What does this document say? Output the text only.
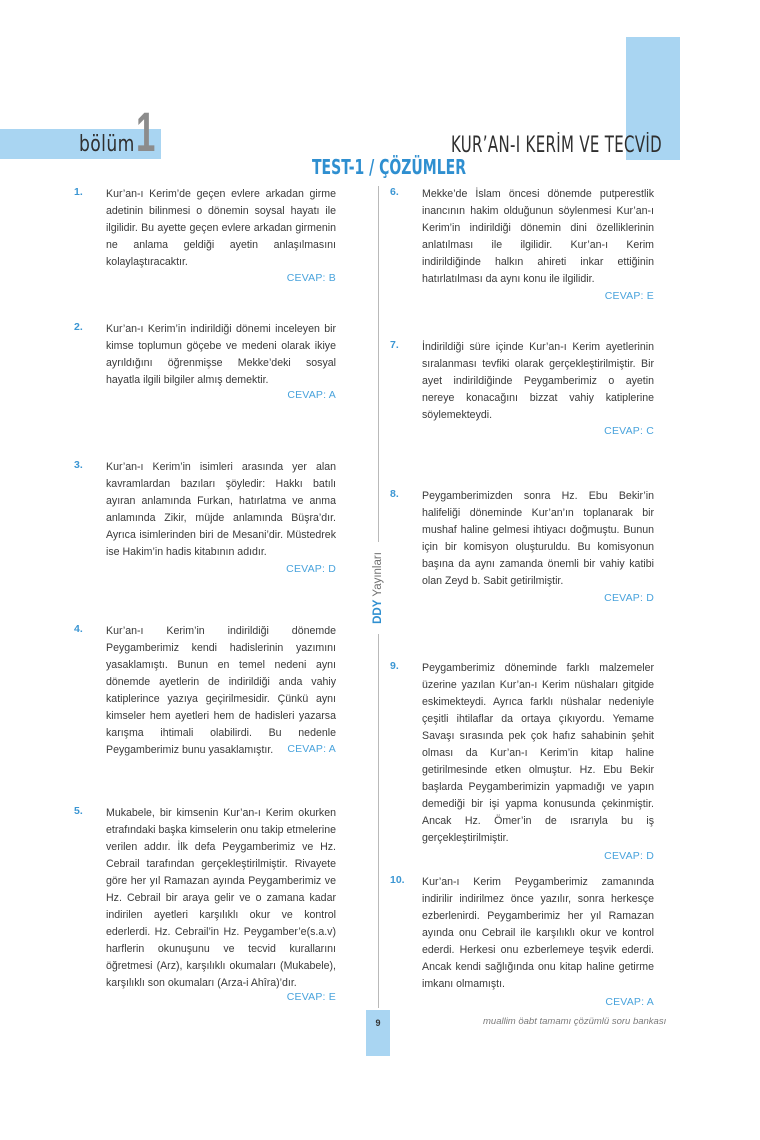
bölüm 1	KUR’AN-I KERİM VE TECVİD
TEST-1 / ÇÖZÜMLER
1. Kur’an-ı Kerim’de geçen evlere arkadan girme adetinin bilinmesi o dönemin soysal hayatı ile ilgilidir. Bu ayette geçen evlere arkadan girmenin ne anlama geldiği ayetin anlaşılmasını kolaylaştıracaktır.
CEVAP: B
2. Kur’an-ı Kerim’in indirildiği dönemi inceleyen bir kimse toplumun göçebe ve medeni olarak ikiye ayrıldığını öğrenmişse Mekke’deki sosyal hayatla ilgili bilgiler almış demektir.
CEVAP: A
3. Kur’an-ı Kerim’in isimleri arasında yer alan kavramlardan bazıları şöyledir: Hakkı batılı ayıran anlamında Furkan, hatırlatma ve anma anlamında Zikir, müjde anlamında Büşra’dır. Ayrıca isimlerinden biri de Mesani’dir. Müstedrek ise Hakim’in hadis kitabının adıdır.
CEVAP: D
4. Kur’an-ı Kerim’in indirildiği dönemde Peygamberimiz kendi hadislerinin yazımını yasaklamıştı. Bunun en temel nedeni aynı dönemde ayetlerin de indirildiği anda vahiy katiplerince yazıya geçirilmesidir. Çünkü aynı kimseler hem ayetleri hem de hadisleri yazarsa karışma ihtimali olabilirdi. Bu nedenle Peygamberimiz bunu yasaklamıştır.	CEVAP: A
5. Mukabele, bir kimsenin Kur’an-ı Kerim okurken etrafındaki başka kimselerin onu takip etmelerine verilen addır. İlk defa Peygamberimiz ve Hz. Cebrail tarafından gerçekleştirilmiştir. Rivayete göre her yıl Ramazan ayında Peygamberimiz ve Hz. Cebrail bir araya gelir ve o zamana kadar indirilen ayetleri karşılıklı okur ve kontrol ederlerdi. Hz. Cebrail’in Hz. Peygamber’e(s.a.v) harflerin okunuşunu ve tecvid kurallarını öğretmesi (Arz), karşılıklı okumaları (Mukabele), karşılıklı son okumaları (Arza-i Ahîra)’dır.
CEVAP: E
DDY Yayınları
6. Mekke’de İslam öncesi dönemde putperestlik inancının hakim olduğunun söylenmesi Kur’an-ı Kerim’in indirildiği dönemin dini özelliklerinin anlatılması ile ilgilidir. Kur’an-ı Kerim indirildiğinde halkın ahireti inkar ettiğinin hatırlatılması da aynı konu ile ilgilidir.
CEVAP: E
7. İndirildiği süre içinde Kur’an-ı Kerim ayetlerinin sıralanması tevfiki olarak gerçekleştirilmiştir. Bir ayet indirildiğinde Peygamberimiz o ayetin nereye konacağını bizzat vahiy katiplerine söylemekteydi.
CEVAP: C
8. Peygamberimizden sonra Hz. Ebu Bekir’in halifeliği döneminde Kur’an’ın toplanarak bir mushaf haline gelmesi ihtiyacı doğmuştu. Bunun için bir komisyon oluşturuldu. Bu komisyonun başına da aynı zamanda önemli bir vahiy katibi olan Zeyd b. Sabit getirilmiştir.
CEVAP: D
9. Peygamberimiz döneminde farklı malzemeler üzerine yazılan Kur’an-ı Kerim nüshaları gitgide eskimekteydi. Ayrıca farklı nüshalar nedeniyle çeşitli ihtilaflar da ortaya çıkıyordu. Yemame Savaşı sırasında pek çok hafız sahabinin şehit olması da Kur’an-ı Kerim’in kitap haline getirilmesinde etken olmuştur. Hz. Ebu Bekir başlarda Peygamberimizin yapmadığı ve yapın demediği bir işi yapma konusunda çekinmiştir. Ancak Hz. Ömer’in de ısrarıyla bu iş gerçekleştirilmiştir.
CEVAP: D
10. Kur’an-ı Kerim Peygamberimiz zamanında indirilir indirilmez önce yazılır, sonra herkesçe ezberlenirdi. Peygamberimiz her yıl Ramazan ayında onu Cebrail ile karşılıklı okur ve kontrol ederdi. Herkesi onu ezberlemeye teşvik ederdi. Ancak kendi sağlığında onu kitap haline getirme imkanı olmamıştı.
CEVAP: A
9	muallim öabt tamamı çözümlü soru bankası
